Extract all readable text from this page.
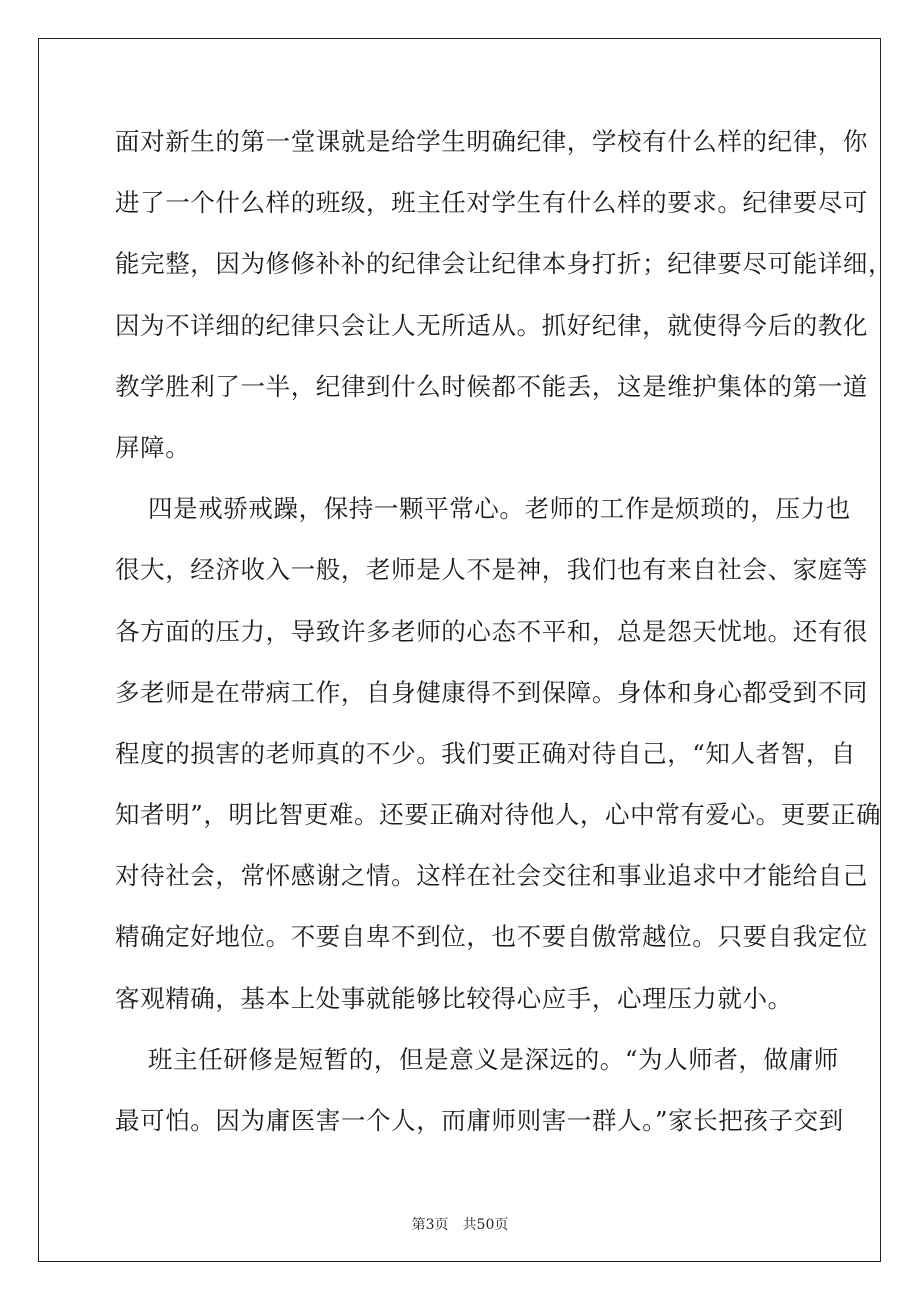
面对新生的第一堂课就是给学生明确纪律，学校有什么样的纪律，你
进了一个什么样的班级，班主任对学生有什么样的要求。纪律要尽可
能完整，因为修修补补的纪律会让纪律本身打折；纪律要尽可能详细，
因为不详细的纪律只会让人无所适从。抓好纪律，就使得今后的教化
教学胜利了一半，纪律到什么时候都不能丢，这是维护集体的第一道
屏障。
四是戒骄戒躁，保持一颗平常心。老师的工作是烦琐的，压力也
很大，经济收入一般，老师是人不是神，我们也有来自社会、家庭等
各方面的压力，导致许多老师的心态不平和，总是怨天忧地。还有很
多老师是在带病工作，自身健康得不到保障。身体和身心都受到不同
程度的损害的老师真的不少。我们要正确对待自己，“知人者智，自
知者明”，明比智更难。还要正确对待他人，心中常有爱心。更要正确
对待社会，常怀感谢之情。这样在社会交往和事业追求中才能给自己
精确定好地位。不要自卑不到位，也不要自傲常越位。只要自我定位
客观精确，基本上处事就能够比较得心应手，心理压力就小。
班主任研修是短暂的，但是意义是深远的。“为人师者，做庸师
最可怕。因为庸医害一个人，而庸师则害一群人。”家长把孩子交到
第3页　共50页
